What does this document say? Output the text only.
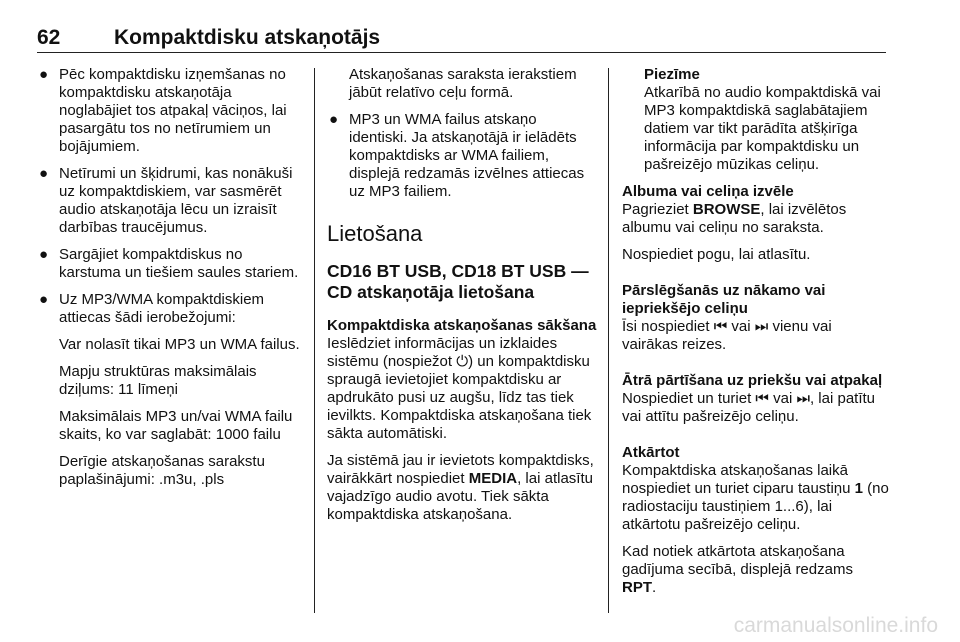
62	Kompaktdisku atskaņotājs
● Pēc kompaktdisku izņemšanas no kompaktdisku atskaņotāja noglabājiet tos atpakaļ vāciņos, lai pasargātu tos no netīrumiem un bojājumiem.
● Netīrumi un šķidrumi, kas nonākuši uz kompaktdiskiem, var sasmērēt audio atskaņotāja lēcu un izraisīt darbības traucējumus.
● Sargājiet kompaktdiskus no karstuma un tiešiem saules stariem.
● Uz MP3/WMA kompaktdiskiem attiecas šādi ierobežojumi:
Var nolasīt tikai MP3 un WMA failus.
Mapju struktūras maksimālais dziļums: 11 līmeņi
Maksimālais MP3 un/vai WMA failu skaits, ko var saglabāt: 1000 failu
Derīgie atskaņošanas sarakstu paplašinājumi: .m3u, .pls
Atskaņošanas saraksta ierakstiem jābūt relatīvo ceļu formā.
● MP3 un WMA failus atskaņo identiski. Ja atskaņotājā ir ielādēts kompaktdisks ar WMA failiem, displejā redzamās izvēlnes attiecas uz MP3 failiem.
Lietošana
CD16 BT USB, CD18 BT USB — CD atskaņotāja lietošana
Kompaktdiska atskaņošanas sākšana

Ieslēdziet informācijas un izklaides sistēmu (nospiežot ⏻) un kompaktdisku spraugā ievietojiet kompaktdisku ar apdrukāto pusi uz augšu, līdz tas tiek ievilkts. Kompaktdiska atskaņošana tiek sākta automātiski.

Ja sistēmā jau ir ievietots kompaktdisks, vairākkārt nospiediet MEDIA, lai atlasītu vajadzīgo audio avotu. Tiek sākta kompaktdiska atskaņošana.

Piezīme
Atkarībā no audio kompaktdiskā vai MP3 kompaktdiskā saglabātajiem datiem var tikt parādīta atšķirīga informācija par kompaktdisku un pašreizējo mūzikas celiņu.
Albuma vai celiņa izvēle

Pagrieziet BROWSE, lai izvēlētos albumu vai celiņu no saraksta.

Nospiediet pogu, lai atlasītu.

Pārslēgšanās uz nākamo vai iepriekšējo celiņu

Īsi nospiediet ⏮ vai ⏭ vienu vai vairākas reizes.

Ātrā pārtīšana uz priekšu vai atpakaļ

Nospiediet un turiet ⏮ vai ⏭, lai patītu vai attītu pašreizējo celiņu.

Atkārtot

Kompaktdiska atskaņošanas laikā nospiediet un turiet ciparu taustiņu 1 (no radiostaciju taustiņiem 1...6), lai atkārtotu pašreizējo celiņu.

Kad notiek atkārtota atskaņošana gadījuma secībā, displejā redzams RPT.

carmanualsonline.info
